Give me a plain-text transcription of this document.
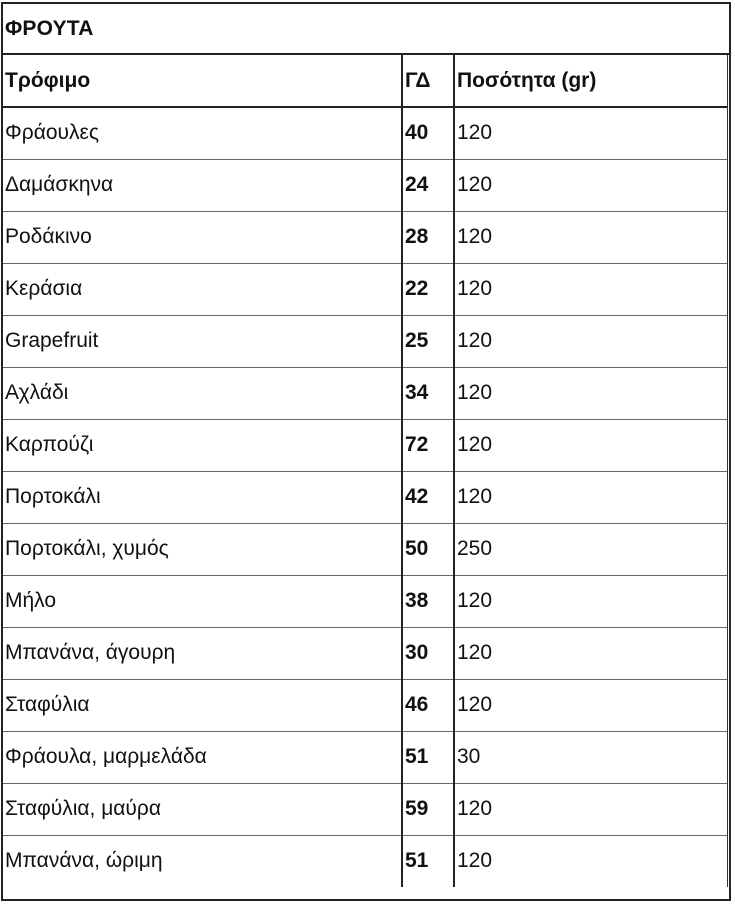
ΦΡΟΥΤΑ
Τρόφιμο	ΓΔ	Ποσότητα (gr)
Φράουλες	40	120
Δαμάσκηνα	24	120
Ροδάκινο	28	120
Κεράσια	22	120
Grapefruit	25	120
Αχλάδι	34	120
Καρπούζι	72	120
Πορτοκάλι	42	120
Πορτοκάλι, χυμός	50	250
Μήλο	38	120
Μπανάνα, άγουρη	30	120
Σταφύλια	46	120
Φράουλα, μαρμελάδα	51	30
Σταφύλια, μαύρα	59	120
Μπανάνα, ώριμη	51	120
